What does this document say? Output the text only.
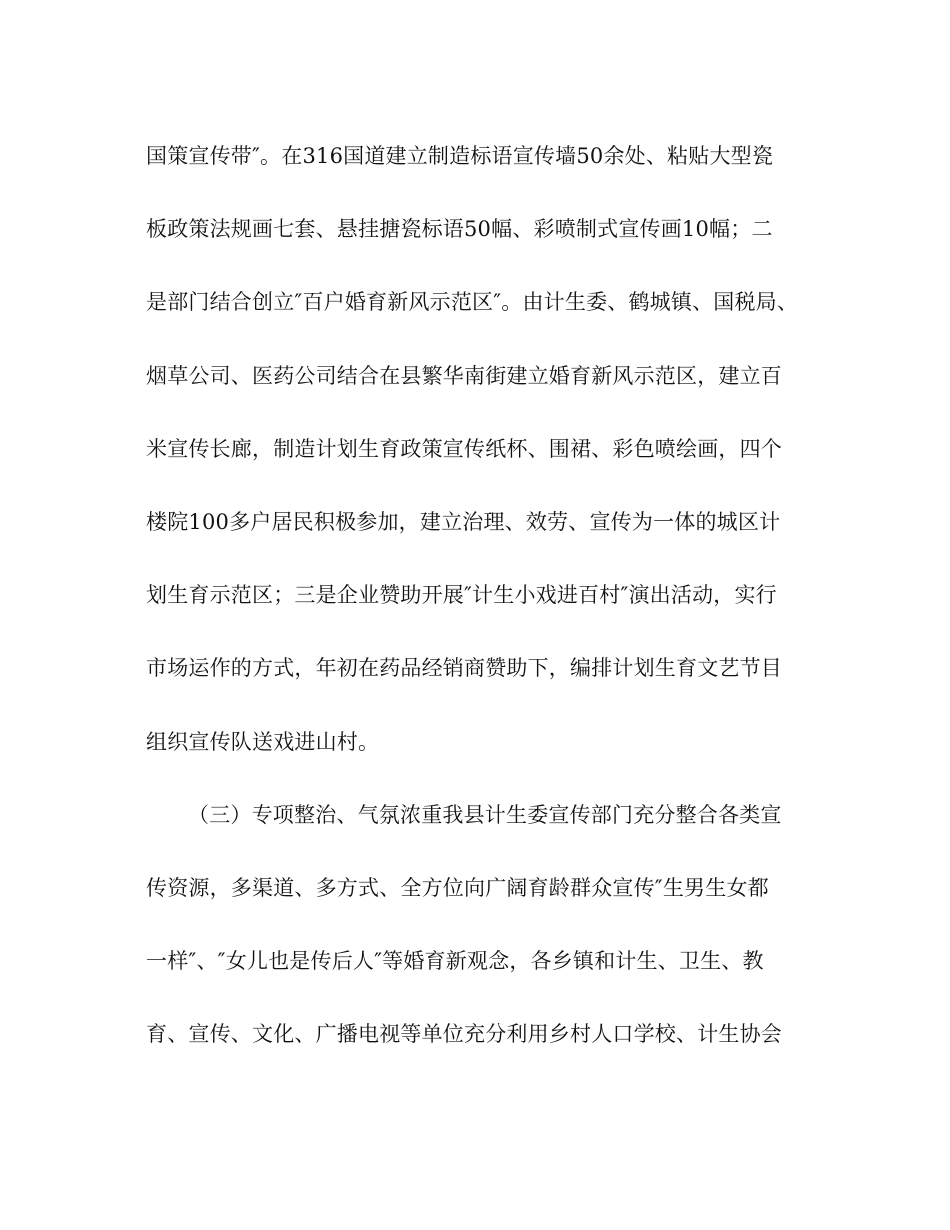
国策宣传带″。在316国道建立制造标语宣传墙50余处、粘贴大型瓷
板政策法规画七套、悬挂搪瓷标语50幅、彩喷制式宣传画10幅；二
是部门结合创立″百户婚育新风示范区″。由计生委、鹤城镇、国税局、
烟草公司、医药公司结合在县繁华南街建立婚育新风示范区，建立百
米宣传长廊，制造计划生育政策宣传纸杯、围裙、彩色喷绘画，四个
楼院100多户居民积极参加，建立治理、效劳、宣传为一体的城区计
划生育示范区；三是企业赞助开展″计生小戏进百村″演出活动，实行
市场运作的方式，年初在药品经销商赞助下，编排计划生育文艺节目
组织宣传队送戏进山村。
（三）专项整治、气氛浓重我县计生委宣传部门充分整合各类宣
传资源，多渠道、多方式、全方位向广阔育龄群众宣传″生男生女都
一样″、″女儿也是传后人″等婚育新观念，各乡镇和计生、卫生、教
育、宣传、文化、广播电视等单位充分利用乡村人口学校、计生协会
